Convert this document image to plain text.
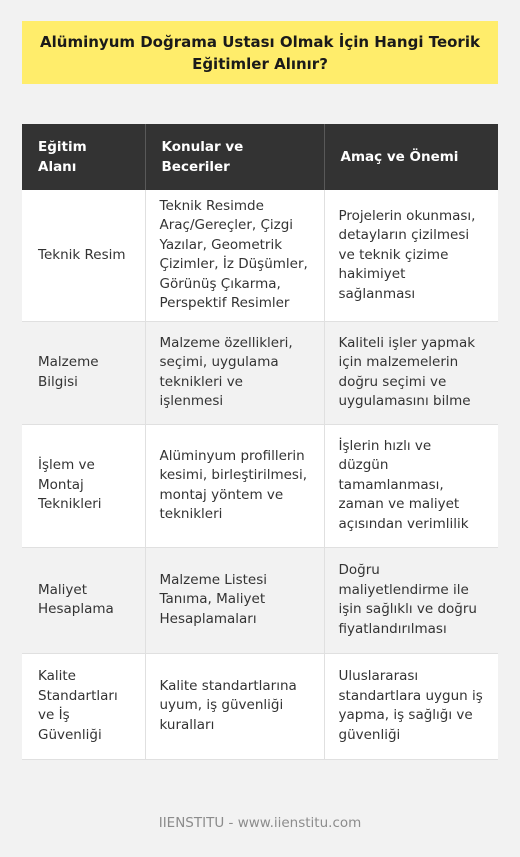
Alüminyum Doğrama Ustası Olmak İçin Hangi Teorik Eğitimler Alınır?
Eğitim Alanı	Konular ve Beceriler	Amaç ve Önemi
Teknik Resim	Teknik Resimde Araç/Gereçler, Çizgi Yazılar, Geometrik Çizimler, İz Düşümler, Görünüş Çıkarma, Perspektif Resimler	Projelerin okunması, detayların çizilmesi ve teknik çizime hakimiyet sağlanması
Malzeme Bilgisi	Malzeme özellikleri, seçimi, uygulama teknikleri ve işlenmesi	Kaliteli işler yapmak için malzemelerin doğru seçimi ve uygulamasını bilme
İşlem ve Montaj Teknikleri	Alüminyum profillerin kesimi, birleştirilmesi, montaj yöntem ve teknikleri	İşlerin hızlı ve düzgün tamamlanması, zaman ve maliyet açısından verimlilik
Maliyet Hesaplama	Malzeme Listesi Tanıma, Maliyet Hesaplamaları	Doğru maliyetlendirme ile işin sağlıklı ve doğru fiyatlandırılması
Kalite Standartları ve İş Güvenliği	Kalite standartlarına uyum, iş güvenliği kuralları	Uluslararası standartlara uygun iş yapma, iş sağlığı ve güvenliği
IIENSTITU - www.iienstitu.com
